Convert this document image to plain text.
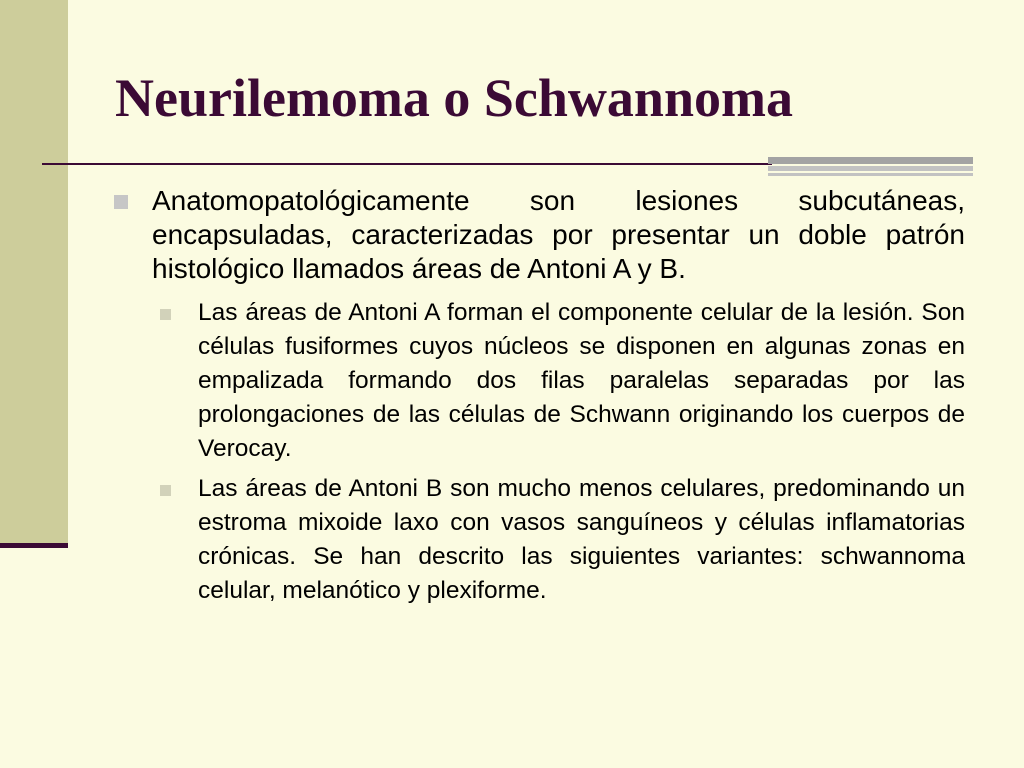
Neurilemoma o Schwannoma
Anatomopatológicamente son lesiones subcutáneas, encapsuladas, caracterizadas por presentar un doble patrón histológico llamados áreas de Antoni A y B.
Las áreas de Antoni A forman el componente celular de la lesión. Son células fusiformes cuyos núcleos se disponen en algunas zonas en empalizada formando dos filas paralelas separadas por las prolongaciones de las células de Schwann originando los cuerpos de Verocay.
Las áreas de Antoni B son mucho menos celulares, predominando un estroma mixoide laxo con vasos sanguíneos y células inflamatorias crónicas. Se han descrito las siguientes variantes: schwannoma celular, melanótico y plexiforme.
